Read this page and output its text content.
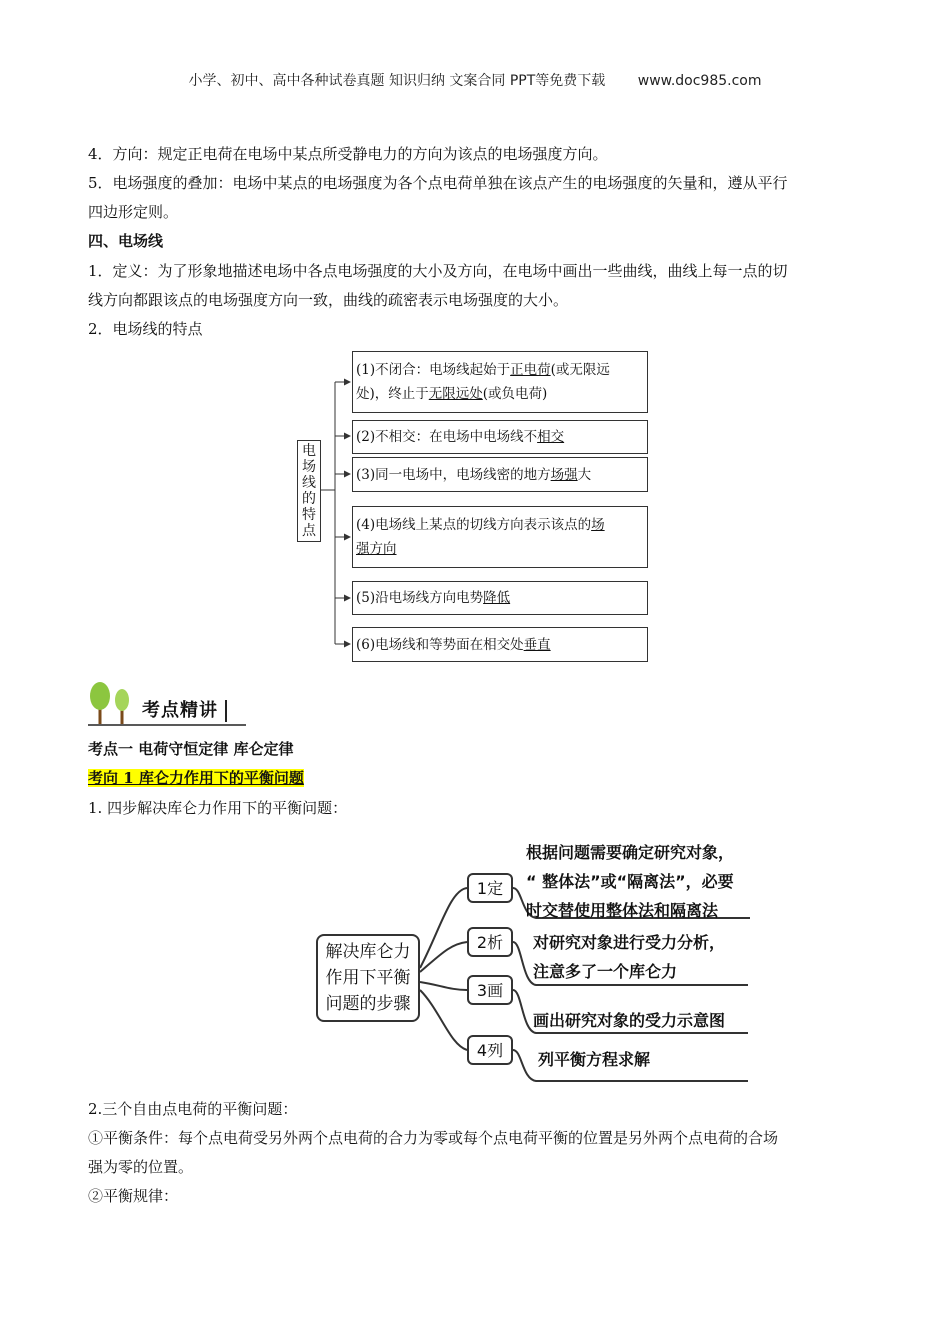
小学、初中、高中各种试卷真题 知识归纳 文案合同 PPT等免费下载 www.doc985.com
4．方向：规定正电荷在电场中某点所受静电力的方向为该点的电场强度方向。
5．电场强度的叠加：电场中某点的电场强度为各个点电荷单独在该点产生的电场强度的矢量和，遵从平行
四边形定则。
四、电场线
1．定义：为了形象地描述电场中各点电场强度的大小及方向，在电场中画出一些曲线，曲线上每一点的切
线方向都跟该点的电场强度方向一致，曲线的疏密表示电场强度的大小。
2．电场线的特点
电
场
线
的
特
点
(1)不闭合：电场线起始于正电荷(或无限远
处)，终止于无限远处(或负电荷)
(2)不相交：在电场中电场线不 相交
(3)同一电场中，电场线密的地方 场强 大
(4)电场线上某点的切线方向表示该点的场
强方向
(5)沿电场线方向电势 降低
(6)电场线和等势面在相交处 垂直
考点精讲
考点一 电荷守恒定律 库仑定律
考向 1 库仑力作用下的平衡问题
1. 四步解决库仑力作用下的平衡问题：
解决库仑力
作用下平衡
问题的步骤
1定
2析
3画
4列
根据问题需要确定研究对象，
“ 整体法”或“隔离法”，必要
时交替使用整体法和隔离法
对研究对象进行受力分析，
注意多了一个库仑力
画出研究对象的受力示意图
列平衡方程求解
2.三个自由点电荷的平衡问题：
①平衡条件：每个点电荷受另外两个点电荷的合力为零或每个点电荷平衡的位置是另外两个点电荷的合场
强为零的位置。
②平衡规律：
